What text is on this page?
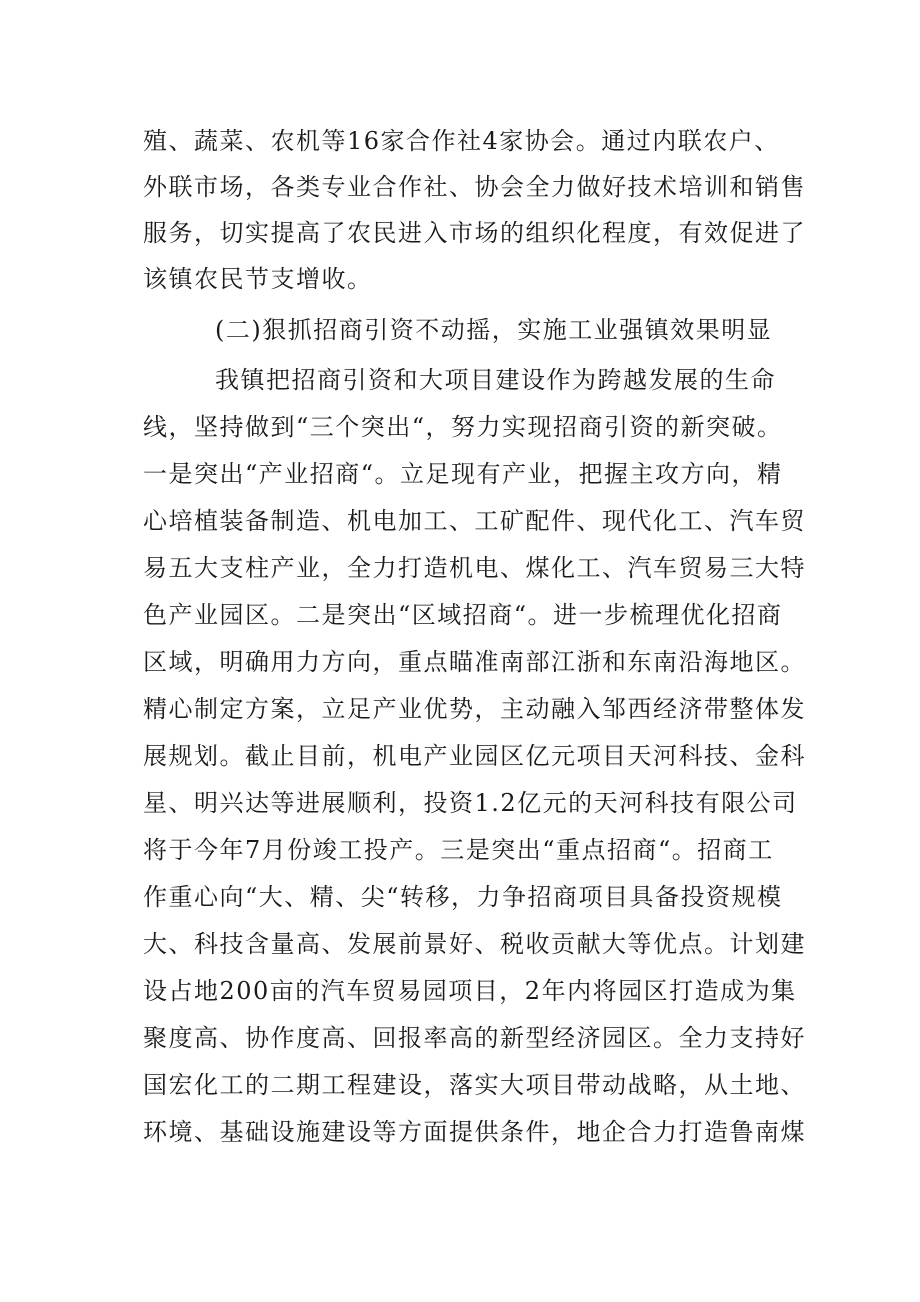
殖、蔬菜、农机等16家合作社4家协会。通过内联农户、
外联市场，各类专业合作社、协会全力做好技术培训和销售
服务，切实提高了农民进入市场的组织化程度，有效促进了
该镇农民节支增收。
(二)狠抓招商引资不动摇，实施工业强镇效果明显
我镇把招商引资和大项目建设作为跨越发展的生命
线，坚持做到“三个突出“，努力实现招商引资的新突破。
一是突出“产业招商“。立足现有产业，把握主攻方向，精
心培植装备制造、机电加工、工矿配件、现代化工、汽车贸
易五大支柱产业，全力打造机电、煤化工、汽车贸易三大特
色产业园区。二是突出“区域招商“。进一步梳理优化招商
区域，明确用力方向，重点瞄准南部江浙和东南沿海地区。
精心制定方案，立足产业优势，主动融入邹西经济带整体发
展规划。截止目前，机电产业园区亿元项目天河科技、金科
星、明兴达等进展顺利，投资1.2亿元的天河科技有限公司
将于今年7月份竣工投产。三是突出“重点招商“。招商工
作重心向“大、精、尖“转移，力争招商项目具备投资规模
大、科技含量高、发展前景好、税收贡献大等优点。计划建
设占地200亩的汽车贸易园项目，2年内将园区打造成为集
聚度高、协作度高、回报率高的新型经济园区。全力支持好
国宏化工的二期工程建设，落实大项目带动战略，从土地、
环境、基础设施建设等方面提供条件，地企合力打造鲁南煤
